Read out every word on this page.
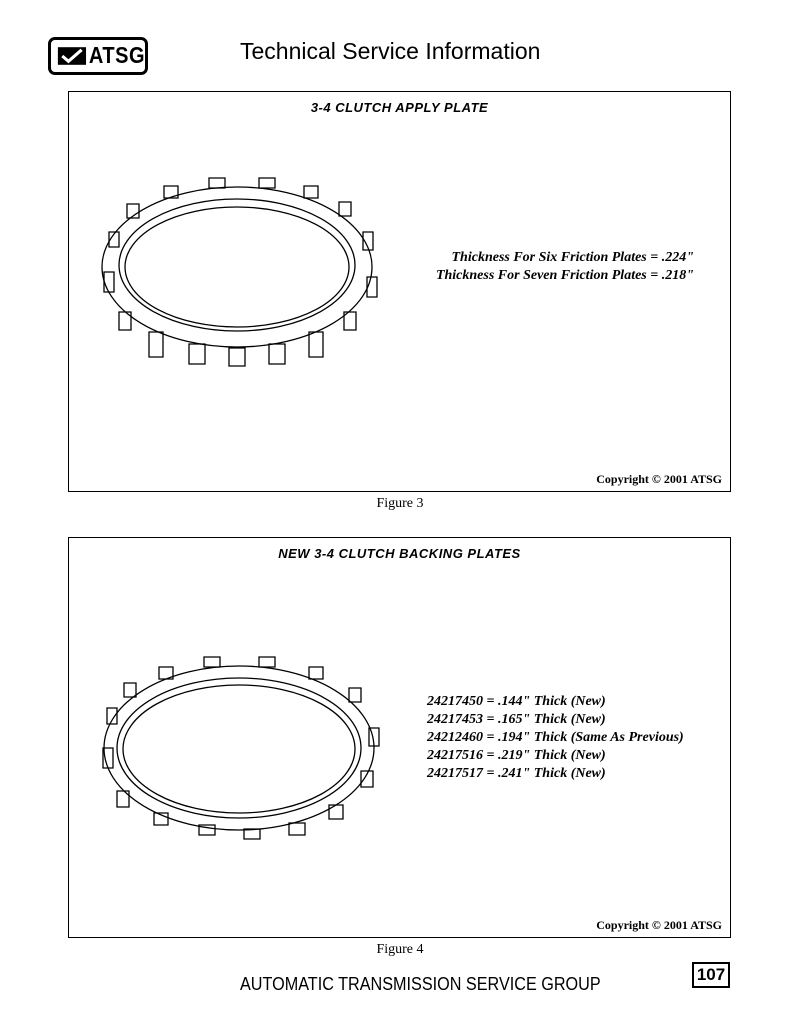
ATSG	Technical Service Information
3-4 CLUTCH APPLY PLATE
Thickness For Six Friction Plates = .224"
Thickness For Seven Friction Plates = .218"
Copyright © 2001 ATSG
Figure 3
NEW 3-4 CLUTCH BACKING PLATES
24217450 = .144" Thick (New)
24217453 = .165" Thick (New)
24212460 = .194" Thick (Same As Previous)
24217516 = .219" Thick (New)
24217517 = .241" Thick (New)
Copyright © 2001 ATSG
Figure 4
AUTOMATIC TRANSMISSION SERVICE GROUP	107
